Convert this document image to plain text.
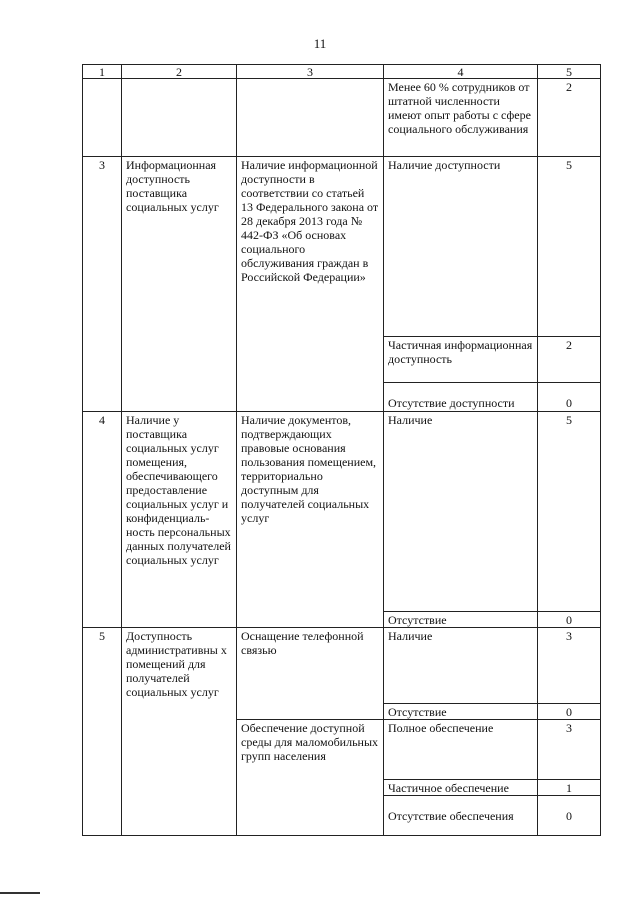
11
1	2	3	4	5
			Менее 60 % сотрудников от штатной численности имеют опыт работы с сфере социального обслуживания	2
3	Информационная доступность поставщика социальных услуг	Наличие информационной доступности в соответствии со статьей 13 Федерального закона от 28 декабря 2013 года № 442-ФЗ «Об основах социального обслуживания граждан в Российской Федерации»	Наличие доступности	5
			Частичная информационная доступность	2
			Отсутствие доступности	0
4	Наличие у поставщика социальных услуг помещения, обеспечивающего предоставление социальных услуг и конфиденциаль-ность персональных данных получателей социальных услуг	Наличие документов, подтверждающих правовые основания пользования помещением, территориально доступным для получателей социальных услуг	Наличие	5
			Отсутствие	0
5	Доступность административны х помещений для получателей социальных услуг	Оснащение телефонной связью	Наличие	3
			Отсутствие	0
		Обеспечение доступной среды для маломобильных групп населения	Полное обеспечение	3
			Частичное обеспечение	1
			Отсутствие обеспечения	0
